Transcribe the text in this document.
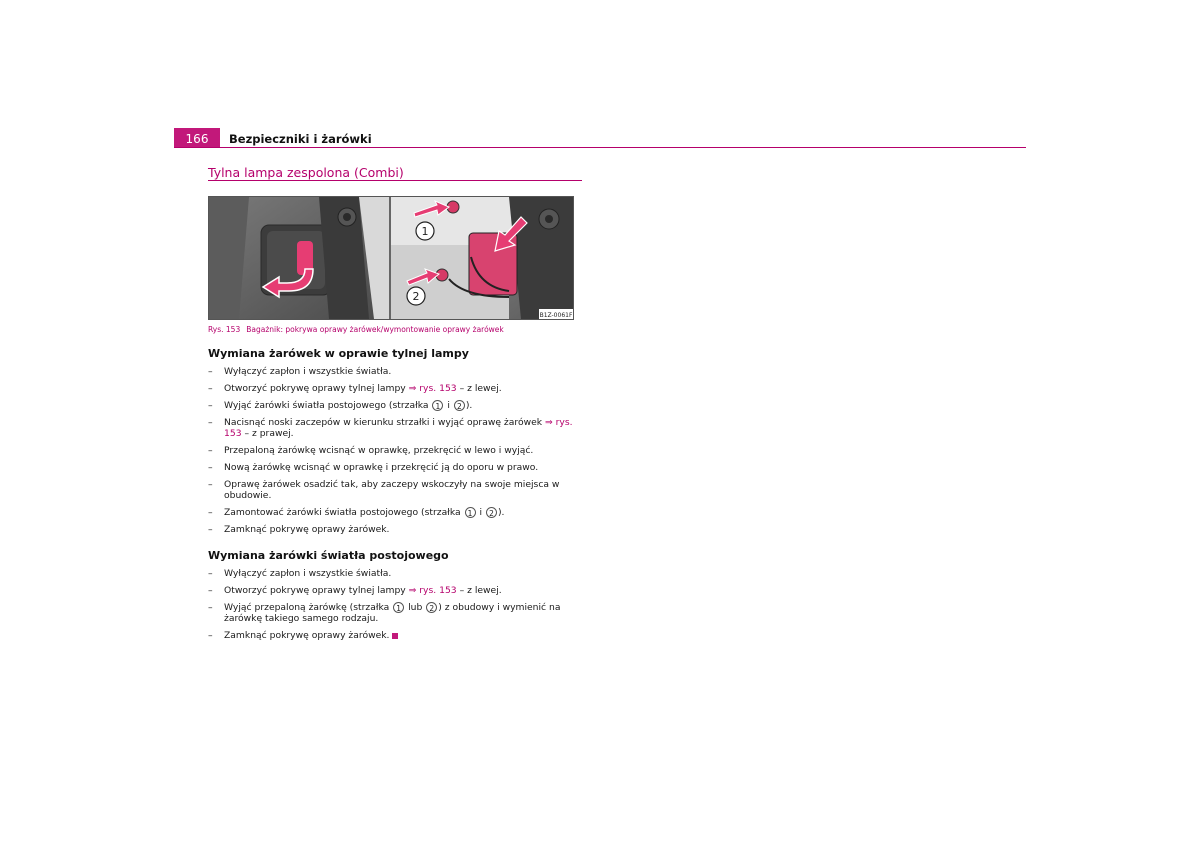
166	Bezpieczniki i żarówki
Tylna lampa zespolona (Combi)
1
2
B1Z-0061F
Rys. 153 Bagażnik: pokrywa oprawy żarówek/wymontowanie oprawy żarówek
Wymiana żarówek w oprawie tylnej lampy
– Wyłączyć zapłon i wszystkie światła.
– Otworzyć pokrywę oprawy tylnej lampy ⇒ rys. 153 – z lewej.
– Wyjąć żarówki światła postojowego (strzałka 1 i 2 ).
– Nacisnąć noski zaczepów w kierunku strzałki i wyjąć oprawę żarówek ⇒ rys. 153 – z prawej.
– Przepaloną żarówkę wcisnąć w oprawkę, przekręcić w lewo i wyjąć.
– Nową żarówkę wcisnąć w oprawkę i przekręcić ją do oporu w prawo.
– Oprawę żarówek osadzić tak, aby zaczepy wskoczyły na swoje miejsca w obudowie.
– Zamontować żarówki światła postojowego (strzałka 1 i 2 ).
– Zamknąć pokrywę oprawy żarówek.
Wymiana żarówki światła postojowego
– Wyłączyć zapłon i wszystkie światła.
– Otworzyć pokrywę oprawy tylnej lampy ⇒ rys. 153 – z lewej.
– Wyjąć przepaloną żarówkę (strzałka 1 lub 2 ) z obudowy i wymienić na żarówkę takiego samego rodzaju.
– Zamknąć pokrywę oprawy żarówek.
